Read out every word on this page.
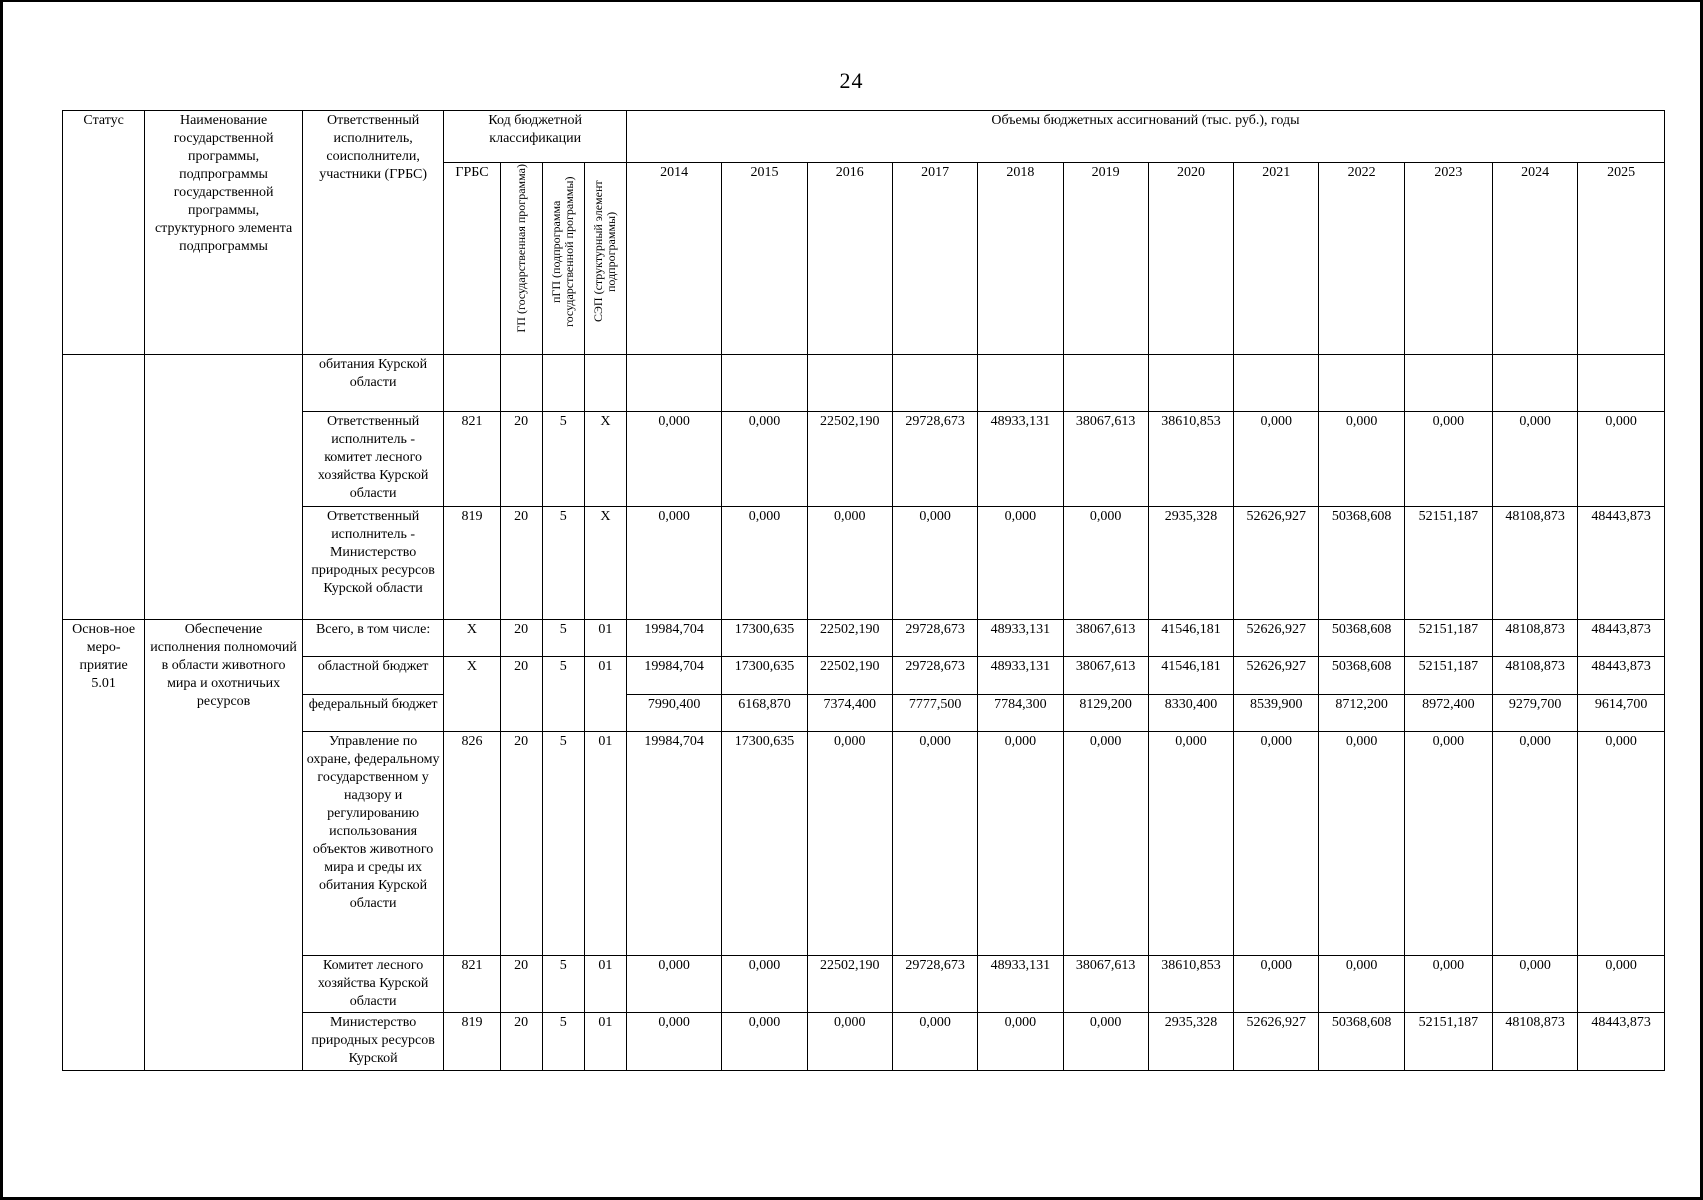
24
Статус	Наименование государственной программы, подпрограммы государственной программы, структурного элемента подпрограммы	Ответственный исполнитель, соисполнители, участники (ГРБС)	Код бюджетной классификации				Объемы бюджетных ассигнований (тыс. руб.), годы											
			ГРБС	ГП (государственная программа)	пГП (подпрограмма государственной программы)	СЭП (структурный элемент подпрограммы)	2014	2015	2016	2017	2018	2019	2020	2021	2022	2023	2024	2025
		обитания Курской области																
		Ответственный исполнитель - комитет лесного хозяйства Курской области	821	20	5	X	0,000	0,000	22502,190	29728,673	48933,131	38067,613	38610,853	0,000	0,000	0,000	0,000	0,000
		Ответственный исполнитель - Министерство природных ресурсов Курской области	819	20	5	X	0,000	0,000	0,000	0,000	0,000	0,000	2935,328	52626,927	50368,608	52151,187	48108,873	48443,873
Основ-ное меро-приятие 5.01	Обеспечение исполнения полномочий в области животного мира и охотничьих ресурсов	Всего, в том числе:	X	20	5	01	19984,704	17300,635	22502,190	29728,673	48933,131	38067,613	41546,181	52626,927	50368,608	52151,187	48108,873	48443,873
		областной бюджет	X	20	5	01	19984,704	17300,635	22502,190	29728,673	48933,131	38067,613	41546,181	52626,927	50368,608	52151,187	48108,873	48443,873
		федеральный бюджет					7990,400	6168,870	7374,400	7777,500	7784,300	8129,200	8330,400	8539,900	8712,200	8972,400	9279,700	9614,700
		Управление по охране, федеральному государственном у надзору и регулированию использования объектов животного мира и среды их обитания Курской области	826	20	5	01	19984,704	17300,635	0,000	0,000	0,000	0,000	0,000	0,000	0,000	0,000	0,000	0,000
		Комитет лесного хозяйства Курской области	821	20	5	01	0,000	0,000	22502,190	29728,673	48933,131	38067,613	38610,853	0,000	0,000	0,000	0,000	0,000
		Министерство природных ресурсов Курской	819	20	5	01	0,000	0,000	0,000	0,000	0,000	0,000	2935,328	52626,927	50368,608	52151,187	48108,873	48443,873
